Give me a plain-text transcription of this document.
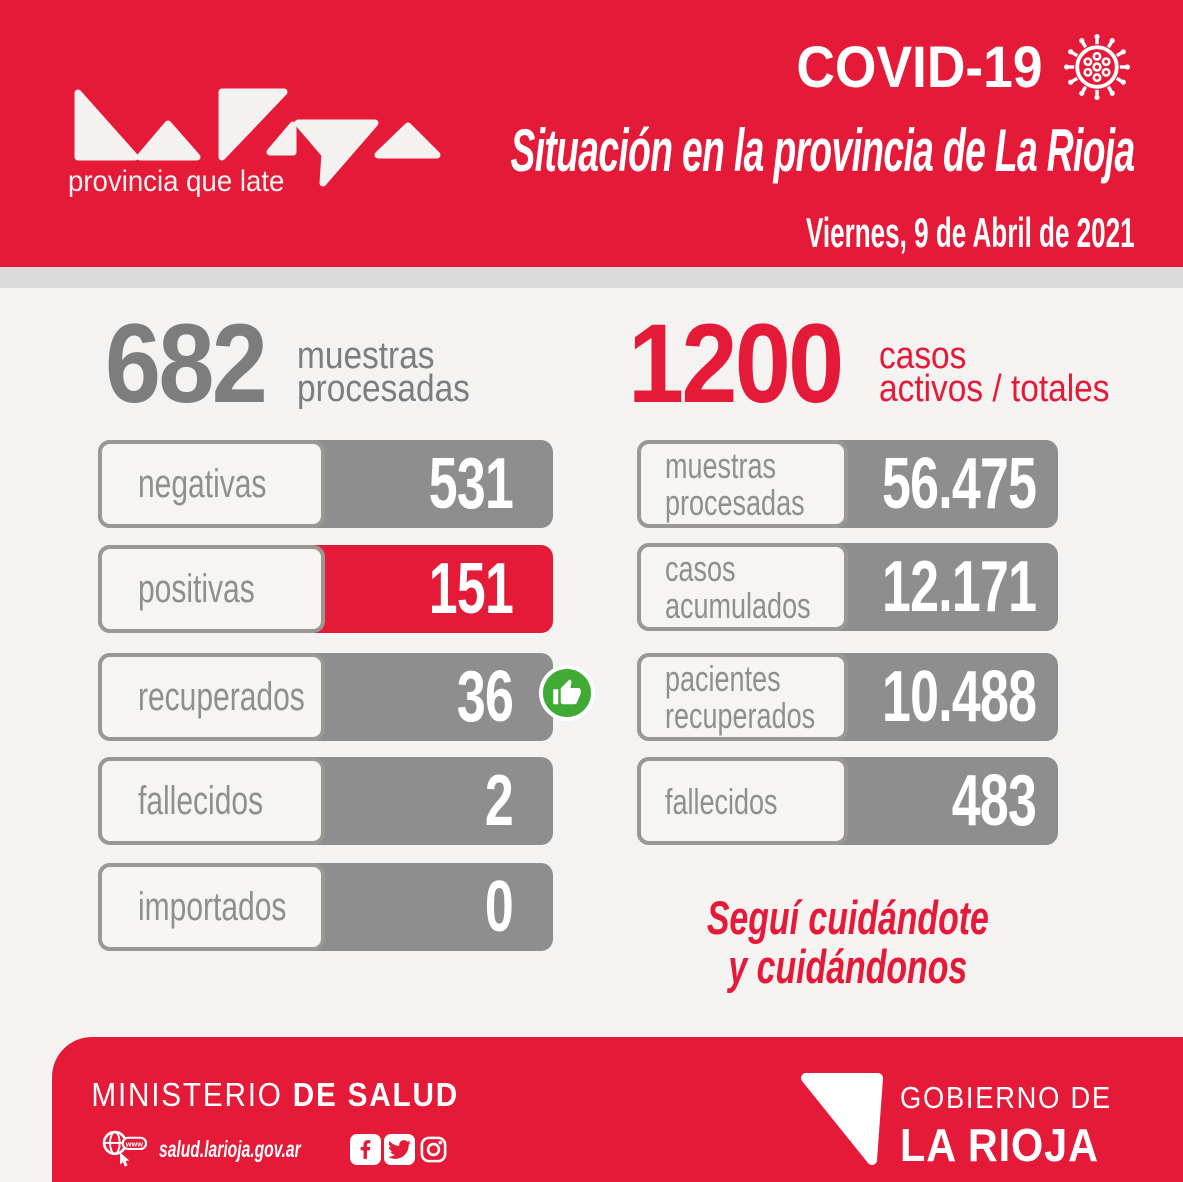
provincia que late
COVID-19
Situación en la provincia de La Rioja
Viernes, 9 de Abril de 2021
682 muestras
procesadas 1200 casos
activos / totales
531
negativas
151
positivas
36
recuperados
2
fallecidos
0
importados
56.475
muestras
procesadas
12.171
casos
acumulados
10.488
pacientes
recuperados
483
fallecidos
Seguí cuidándote
y cuidándonos
MINISTERIO DE SALUD
www salud.larioja.gov.ar
GOBIERNO DE
LA RIOJA
